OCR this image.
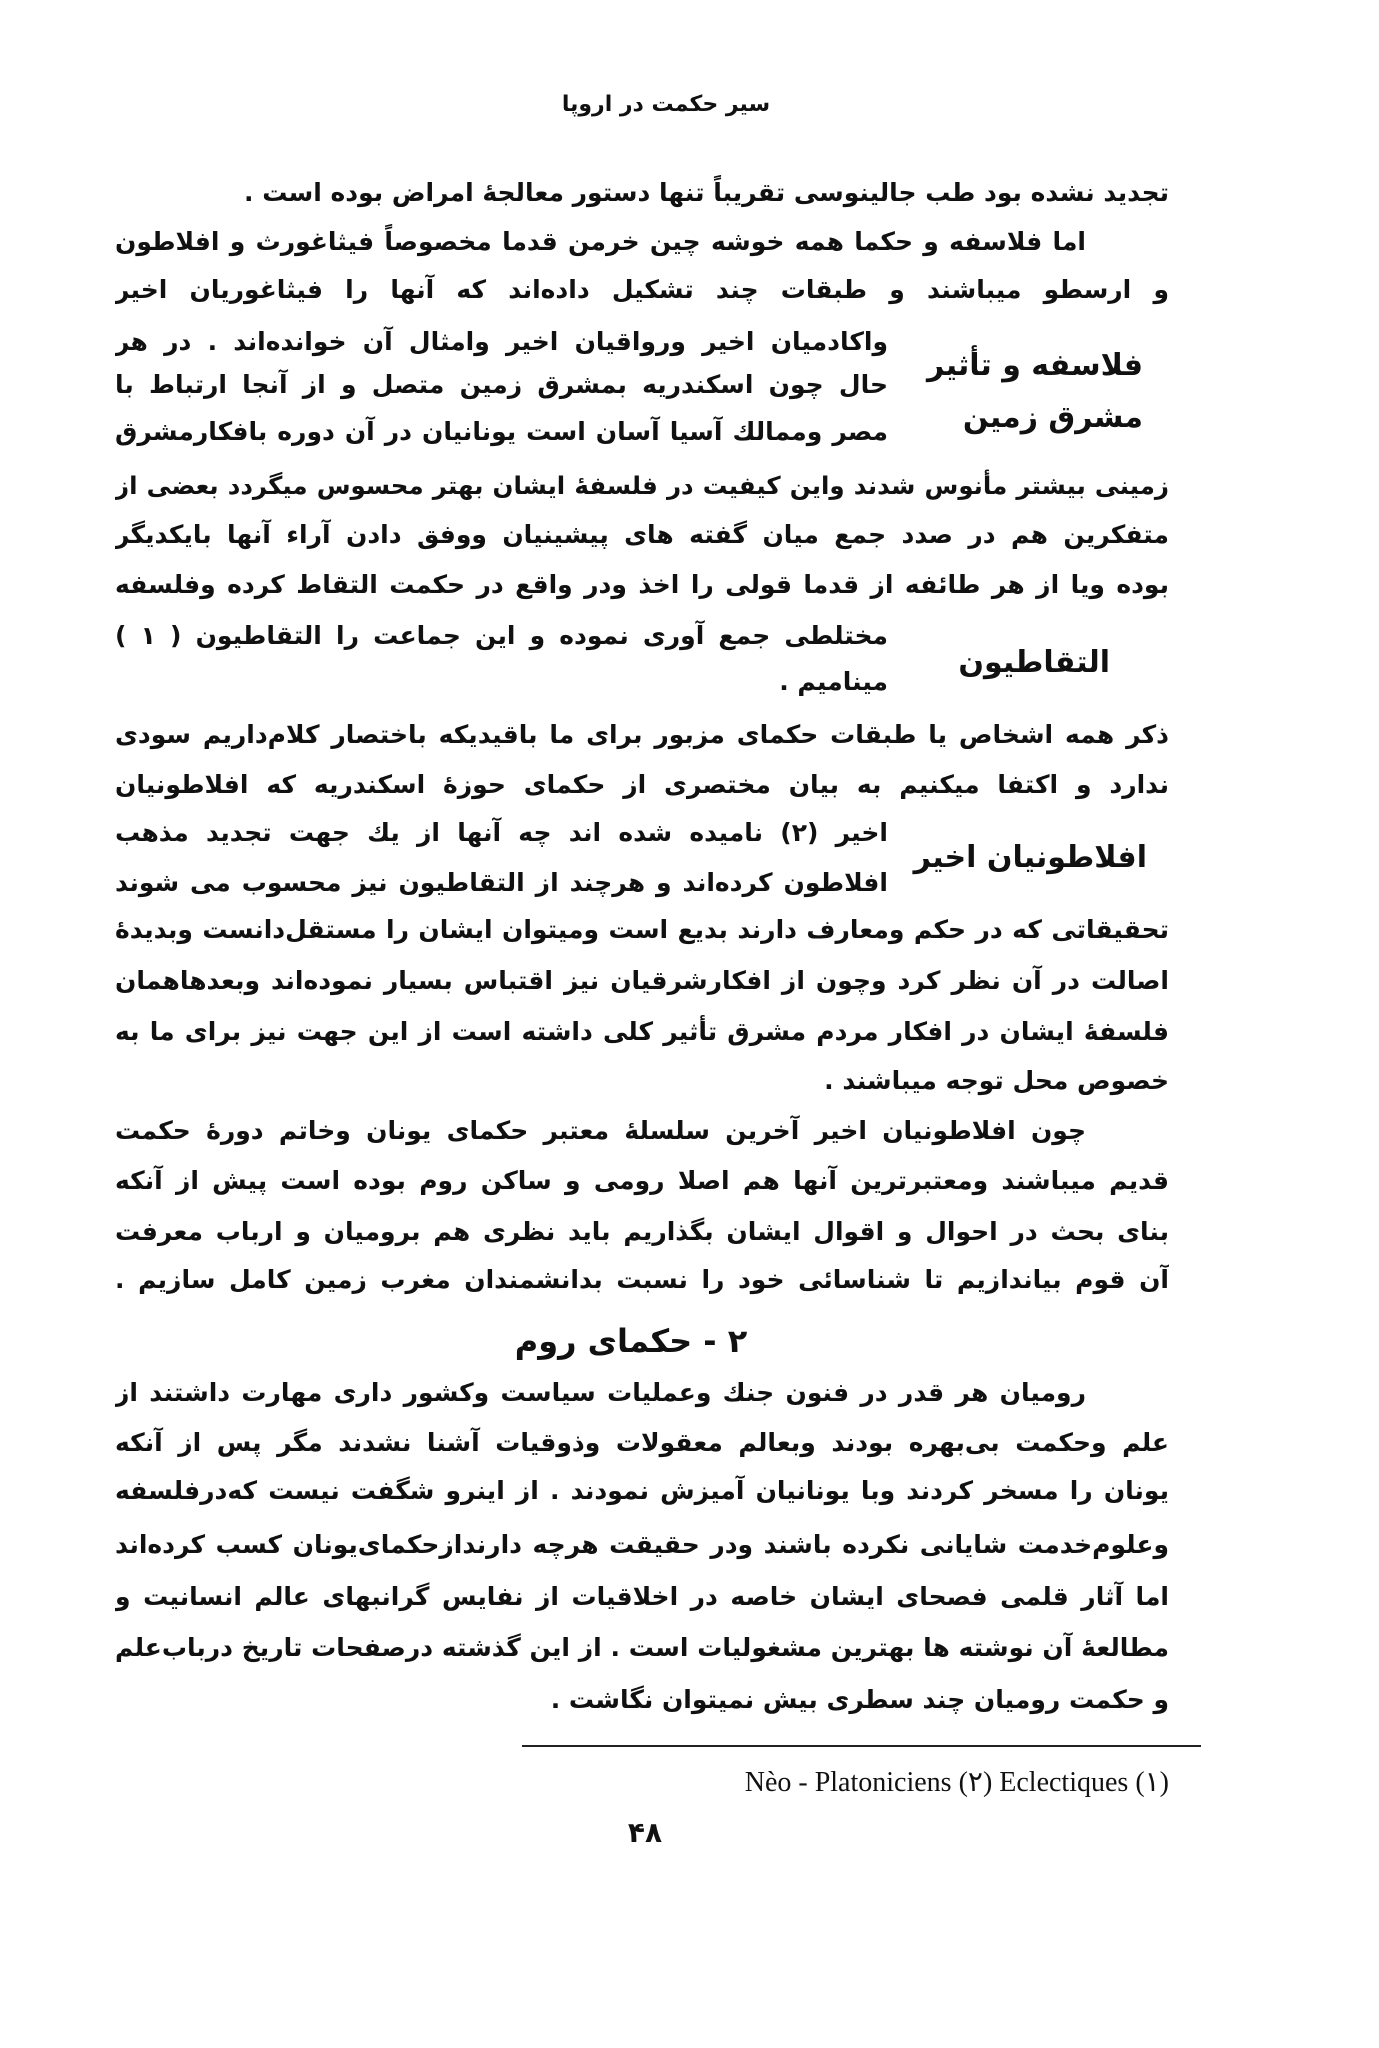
سیر حکمت در اروپا
تجدید نشده بود طب جالینوسی تقریباً تنها دستور معالجهٔ امراض بوده است .
اما فلاسفه و حکما همه خوشه چین خرمن قدما مخصوصاً فیثاغورث و افلاطون
و ارسطو میباشند و طبقات چند تشکیل داده‌اند که آنها را فیثاغوریان اخیر
واکادمیان اخیر ورواقیان اخیر وامثال آن خوانده‌اند . در هر
حال چون اسکندریه بمشرق زمین متصل و از آنجا ارتباط با
مصر وممالك آسیا آسان است یونانیان در آن دوره بافکارمشرق
زمینی بیشتر مأنوس شدند واین کیفیت در فلسفهٔ ایشان بهتر محسوس میگردد بعضی از
متفکرین هم در صدد جمع میان گفته های پیشینیان ووفق دادن آراء آنها بایکدیگر
بوده ویا از هر طائفه از قدما قولی را اخذ ودر واقع در حکمت التقاط کرده وفلسفه
مختلطی جمع آوری نموده و این جماعت را التقاطیون ( ۱ )
مینامیم .
ذکر همه اشخاص یا طبقات حکمای مزبور برای ما باقیدیکه باختصار کلام‌داریم سودی
ندارد و اکتفا میکنیم به بیان مختصری از حکمای حوزهٔ اسکندریه که افلاطونیان
اخیر (۲) نامیده شده اند چه آنها از یك جهت تجدید مذهب
افلاطون کرده‌اند و هرچند از التقاطیون نیز محسوب می شوند
تحقیقاتی که در حکم ومعارف دارند بدیع است ومیتوان ایشان را مستقل‌دانست وبدیدهٔ
اصالت در آن نظر کرد وچون از افکارشرقیان نیز اقتباس بسیار نموده‌اند وبعدهاهمان
فلسفهٔ ایشان در افکار مردم مشرق تأثیر کلی داشته است از این جهت نیز برای ما به
خصوص محل توجه میباشند .
چون افلاطونیان اخیر آخرین سلسلهٔ معتبر حکمای یونان وخاتم دورهٔ حکمت
قدیم میباشند ومعتبرترین آنها هم اصلا رومی و ساکن روم بوده است پیش از آنکه
بنای بحث در احوال و اقوال ایشان بگذاریم باید نظری هم برومیان و ارباب معرفت
آن قوم بیاندازیم تا شناسائی خود را نسبت بدانشمندان مغرب زمین کامل سازیم .
۲ - حکمای روم
رومیان هر قدر در فنون جنك وعملیات سیاست وکشور داری مهارت داشتند از
علم وحکمت بی‌بهره بودند وبعالم معقولات وذوقیات آشنا نشدند مگر پس از آنکه
یونان را مسخر کردند وبا یونانیان آمیزش نمودند . از اینرو شگفت نیست که‌درفلسفه
وعلوم‌خدمت شایانی نکرده باشند ودر حقیقت هرچه دارندازحکمای‌یونان کسب کرده‌اند
اما آثار قلمی فصحای ایشان خاصه در اخلاقیات از نفایس گرانبهای عالم انسانیت و
مطالعهٔ آن نوشته ها بهترین مشغولیات است . از این گذشته درصفحات تاریخ درباب‌علم
و حکمت رومیان چند سطری بیش نمیتوان نگاشت .
فلاسفه و تأثیر
مشرق زمین
التقاطیون
افلاطونیان اخیر
Nèo - Platoniciens (۲) Eclectiques (۱)
۴۸
